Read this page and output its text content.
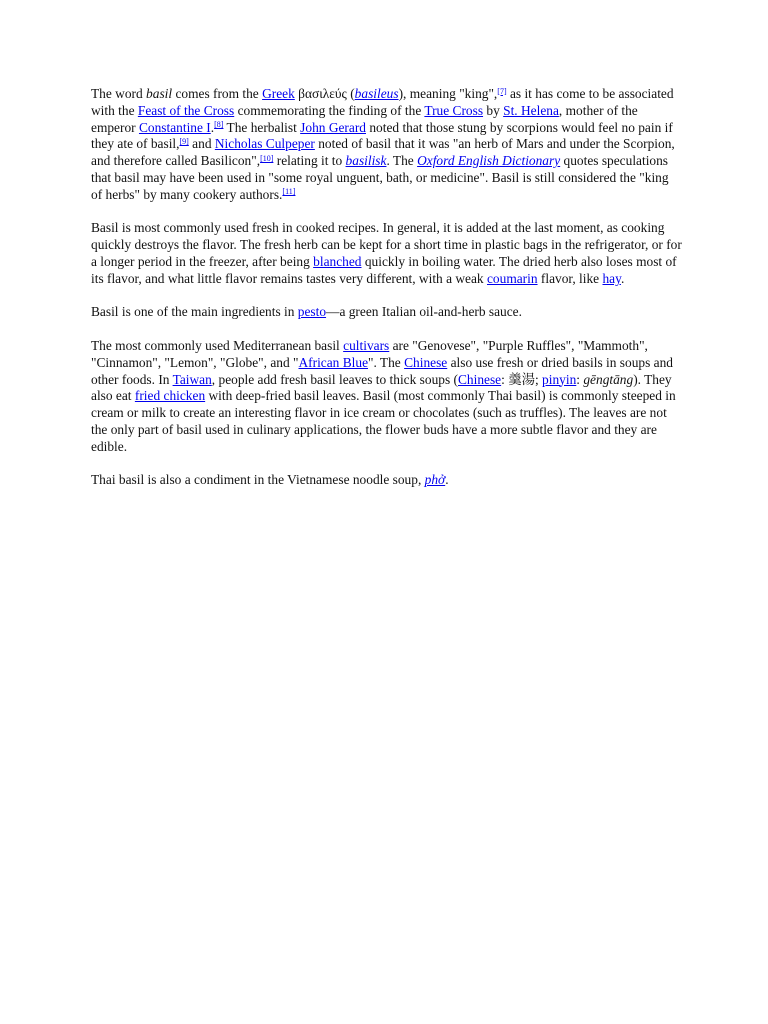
The word basil comes from the Greek βασιλεύς (basileus), meaning "king",[7] as it has come to be associated with the Feast of the Cross commemorating the finding of the True Cross by St. Helena, mother of the emperor Constantine I.[8] The herbalist John Gerard noted that those stung by scorpions would feel no pain if they ate of basil,[9] and Nicholas Culpeper noted of basil that it was "an herb of Mars and under the Scorpion, and therefore called Basilicon",[10] relating it to basilisk. The Oxford English Dictionary quotes speculations that basil may have been used in "some royal unguent, bath, or medicine". Basil is still considered the "king of herbs" by many cookery authors.[11]

Basil is most commonly used fresh in cooked recipes. In general, it is added at the last moment, as cooking quickly destroys the flavor. The fresh herb can be kept for a short time in plastic bags in the refrigerator, or for a longer period in the freezer, after being blanched quickly in boiling water. The dried herb also loses most of its flavor, and what little flavor remains tastes very different, with a weak coumarin flavor, like hay.

Basil is one of the main ingredients in pesto—a green Italian oil-and-herb sauce.

The most commonly used Mediterranean basil cultivars are "Genovese", "Purple Ruffles", "Mammoth", "Cinnamon", "Lemon", "Globe", and "African Blue". The Chinese also use fresh or dried basils in soups and other foods. In Taiwan, people add fresh basil leaves to thick soups (Chinese: 羹湯; pinyin: gēngtāng). They also eat fried chicken with deep-fried basil leaves. Basil (most commonly Thai basil) is commonly steeped in cream or milk to create an interesting flavor in ice cream or chocolates (such as truffles). The leaves are not the only part of basil used in culinary applications, the flower buds have a more subtle flavor and they are edible.

Thai basil is also a condiment in the Vietnamese noodle soup, phở.
